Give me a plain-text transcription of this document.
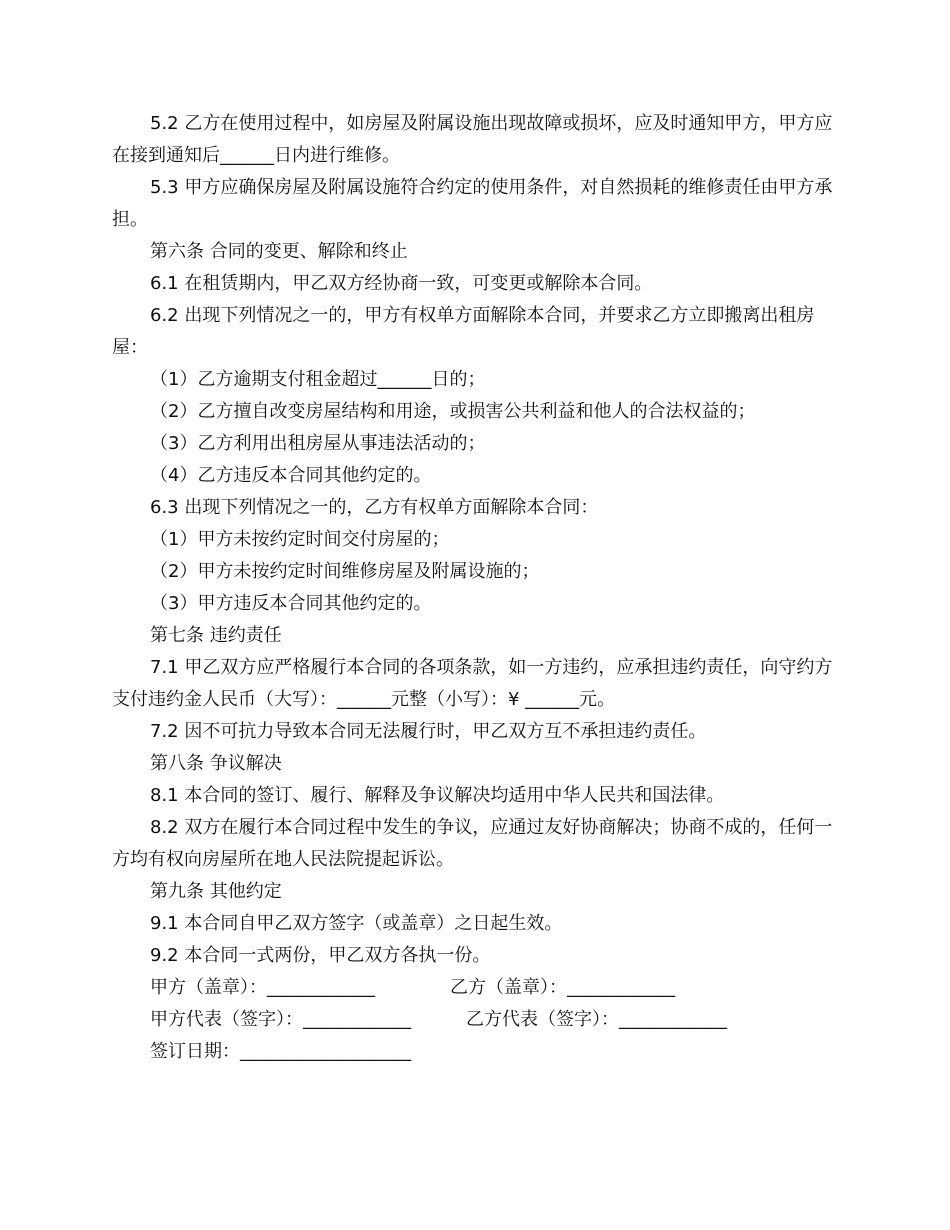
5.2 乙方在使用过程中，如房屋及附属设施出现故障或损坏，应及时通知甲方，甲方应在接到通知后______日内进行维修。

5.3 甲方应确保房屋及附属设施符合约定的使用条件，对自然损耗的维修责任由甲方承担。

第六条 合同的变更、解除和终止

6.1 在租赁期内，甲乙双方经协商一致，可变更或解除本合同。

6.2 出现下列情况之一的，甲方有权单方面解除本合同，并要求乙方立即搬离出租房屋：

（1）乙方逾期支付租金超过______日的；

（2）乙方擅自改变房屋结构和用途，或损害公共利益和他人的合法权益的；

（3）乙方利用出租房屋从事违法活动的；

（4）乙方违反本合同其他约定的。

6.3 出现下列情况之一的，乙方有权单方面解除本合同：

（1）甲方未按约定时间交付房屋的；

（2）甲方未按约定时间维修房屋及附属设施的；

（3）甲方违反本合同其他约定的。

第七条 违约责任

7.1 甲乙双方应严格履行本合同的各项条款，如一方违约，应承担违约责任，向守约方支付违约金人民币（大写）：______元整（小写）：¥ ______元。

7.2 因不可抗力导致本合同无法履行时，甲乙双方互不承担违约责任。

第八条 争议解决

8.1 本合同的签订、履行、解释及争议解决均适用中华人民共和国法律。

8.2 双方在履行本合同过程中发生的争议，应通过友好协商解决；协商不成的，任何一方均有权向房屋所在地人民法院提起诉讼。

第九条 其他约定

9.1 本合同自甲乙双方签字（或盖章）之日起生效。

9.2 本合同一式两份，甲乙双方各执一份。

甲方（盖章）：____________	乙方（盖章）：____________
甲方代表（签字）：____________	乙方代表（签字）：____________
签订日期：___________________
